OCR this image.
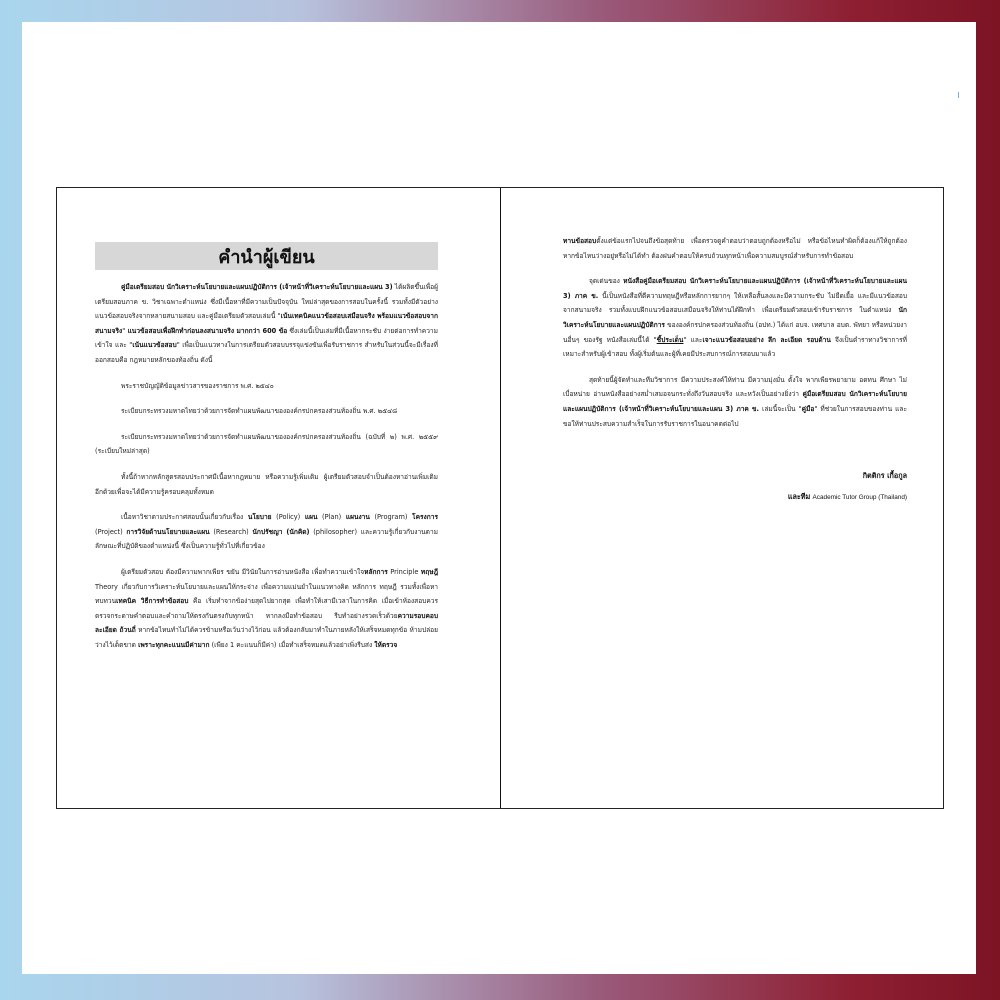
คำนำผู้เขียน

คู่มือเตรียมสอบ นักวิเคราะห์นโยบายและแผนปฏิบัติการ (เจ้าหน้าที่วิเคราะห์นโยบายและแผน 3) ได้ผลิตขึ้นเพื่อผู้เตรียมสอบภาค ข. วิชาเฉพาะตำแหน่ง ซึ่งมีเนื้อหาที่มีความเป็นปัจจุบัน ใหม่ล่าสุดของการสอบในครั้งนี้ รวมทั้งมีตัวอย่างแนวข้อสอบจริงจากหลายสนามสอบ และคู่มือเตรียมตัวสอบเล่มนี้ "เน้นเทคนิคแนวข้อสอบเสมือนจริง พร้อมแนวข้อสอบจากสนามจริง" แนวข้อสอบเพื่อฝึกทำก่อนลงสนามจริง มากกว่า 600 ข้อ ซึ่งเล่มนี้เป็นเล่มที่มีเนื้อหากระชับ ง่ายต่อการทำความเข้าใจ และ "เน้นแนวข้อสอบ" เพื่อเป็นแนวทางในการเตรียมตัวสอบบรรจุแข่งขันเพื่อรับราชการ สำหรับในส่วนนี้จะมีเรื่องที่ออกสอบคือ กฎหมายหลักของท้องถิ่น ดังนี้

พระราชบัญญัติข้อมูลข่าวสารของราชการ พ.ศ. ๒๕๔๐

ระเบียบกระทรวงมหาดไทยว่าด้วยการจัดทำแผนพัฒนาขององค์กรปกครองส่วนท้องถิ่น พ.ศ. ๒๕๔๘

ระเบียบกระทรวงมหาดไทยว่าด้วยการจัดทำแผนพัฒนาขององค์กรปกครองส่วนท้องถิ่น (ฉบับที่ ๒) พ.ศ. ๒๕๕๙ (ระเบียบใหม่ล่าสุด)

ทั้งนี้ถ้าหากหลักสูตรสอบประกาศมีเนื้อหากฎหมาย หรือความรู้เพิ่มเติม ผู้เตรียมตัวสอบจำเป็นต้องหาอ่านเพิ่มเติมอีกด้วยเพื่อจะได้มีความรู้ครอบคลุมทั้งหมด

เนื้อหาวิชาตามประกาศสอบนั้นเกี่ยวกับเรื่อง นโยบาย (Policy) แผน (Plan) แผนงาน (Program) โครงการ (Project) การวิจัยด้านนโยบายและแผน (Research) นักปรัชญา (นักคิด) (philosopher) และความรู้เกี่ยวกับงานตามลักษณะที่ปฏิบัติของตำแหน่งนี้ ซึ่งเป็นความรู้ทั่วไปที่เกี่ยวข้อง

ผู้เตรียมตัวสอบ ต้องมีความพากเพียร ขยัน มีวินัยในการอ่านหนังสือ เพื่อทำความเข้าใจหลักการ Principle ทฤษฎี Theory เกี่ยวกับการวิเคราะห์นโยบายและแผนให้กระจ่าง เพื่อความแม่นยำในแนวทางคิด หลักการ ทฤษฎี รวมทั้งเพื่อหาทบทวนเทคนิค วิธีการทำข้อสอบ คือ เริ่มทำจากข้อง่ายสุดไปยากสุด เพื่อทำให้เสามีเวลาในการคิด เมื่อเข้าห้องสอบควรตรวจกระดาษคำตอบและคำถามให้ตรงกันตรงกับทุกหน้า หากลงมือทำข้อสอบ รีบทำอย่างรวดเร็วด้วยความรอบคอบ ละเอียด ถ้วนถี่ หากข้อไหนทำไม่ได้ควรข้ามหรือเว้นว่างไว้ก่อน แล้วต้องกลับมาทำในภายหลังให้เสร็จหมดทุกข้อ ห้ามปล่อยว่างไว้เด็ดขาด เพราะทุกคะแนนมีค่ามาก (เพียง 1 คะแนนก็มีค่า) เมื่อทำเสร็จหมดแล้วอย่าเพิ่งรีบส่ง ให้ตรวจ

ทานข้อสอบตั้งแต่ข้อแรกไปจนถึงข้อสุดท้าย เพื่อตรวจดูคำตอบว่าตอบถูกต้องหรือไม่ หรือข้อไหนทำผิดก็ต้องแก้ให้ถูกต้อง หากข้อไหนว่างอยู่หรือไม่ได้ทำ ต้องฝนคำตอบให้ครบถ้วนทุกหน้าเพื่อความสมบูรณ์สำหรับการทำข้อสอบ

จุดเด่นของ หนังสือคู่มือเตรียมสอบ นักวิเคราะห์นโยบายและแผนปฏิบัติการ (เจ้าหน้าที่วิเคราะห์นโยบายและแผน 3) ภาค ข. นี้เป็นหนังสือที่ตีความทฤษฎีหรือหลักการยากๆ ให้เหลือสั้นลงและมีความกระชับ ไม่ยืดเยื้อ และมีแนวข้อสอบจากสนามจริง รวมทั้งแบบฝึกแนวข้อสอบเสมือนจริงให้ท่านได้ฝึกทำ เพื่อเตรียมตัวสอบเข้ารับราชการ ในตำแหน่ง นักวิเคราะห์นโยบายและแผนปฏิบัติการ ขององค์กรปกครองส่วนท้องถิ่น (อปท.) ได้แก่ อบจ. เทศบาล อบต. พัทยา หรือหน่วยงานอื่นๆ ของรัฐ หนังสือเล่มนี้ได้ "ชี้ประเด็น" และเจาะแนวข้อสอบอย่าง ลึก ละเอียด รอบด้าน จึงเป็นตำราทางวิชาการที่เหมาะสำหรับผู้เข้าสอบ ทั้งผู้เริ่มต้นและผู้ที่เคยมีประสบการณ์การสอบมาแล้ว

สุดท้ายนี้ผู้จัดทำและทีมวิชาการ มีความประสงค์ให้ท่าน มีความมุ่งมั่น ตั้งใจ พากเพียรพยายาม อดทน ศึกษา ไม่เบื่อหน่าย อ่านหนังสืออย่างสม่ำเสมอจนกระทั่งถึงวันสอบจริง และหวังเป็นอย่างยิ่งว่า คู่มือเตรียมสอบ นักวิเคราะห์นโยบายและแผนปฏิบัติการ (เจ้าหน้าที่วิเคราะห์นโยบายและแผน 3) ภาค ข. เล่มนี้จะเป็น "คู่มือ" ที่ช่วยในการสอบของท่าน และขอให้ท่านประสบความสำเร็จในการรับราชการในอนาคตต่อไป

กิตติกร เกื้อกูล
และทีม Academic Tutor Group (Thailand)
